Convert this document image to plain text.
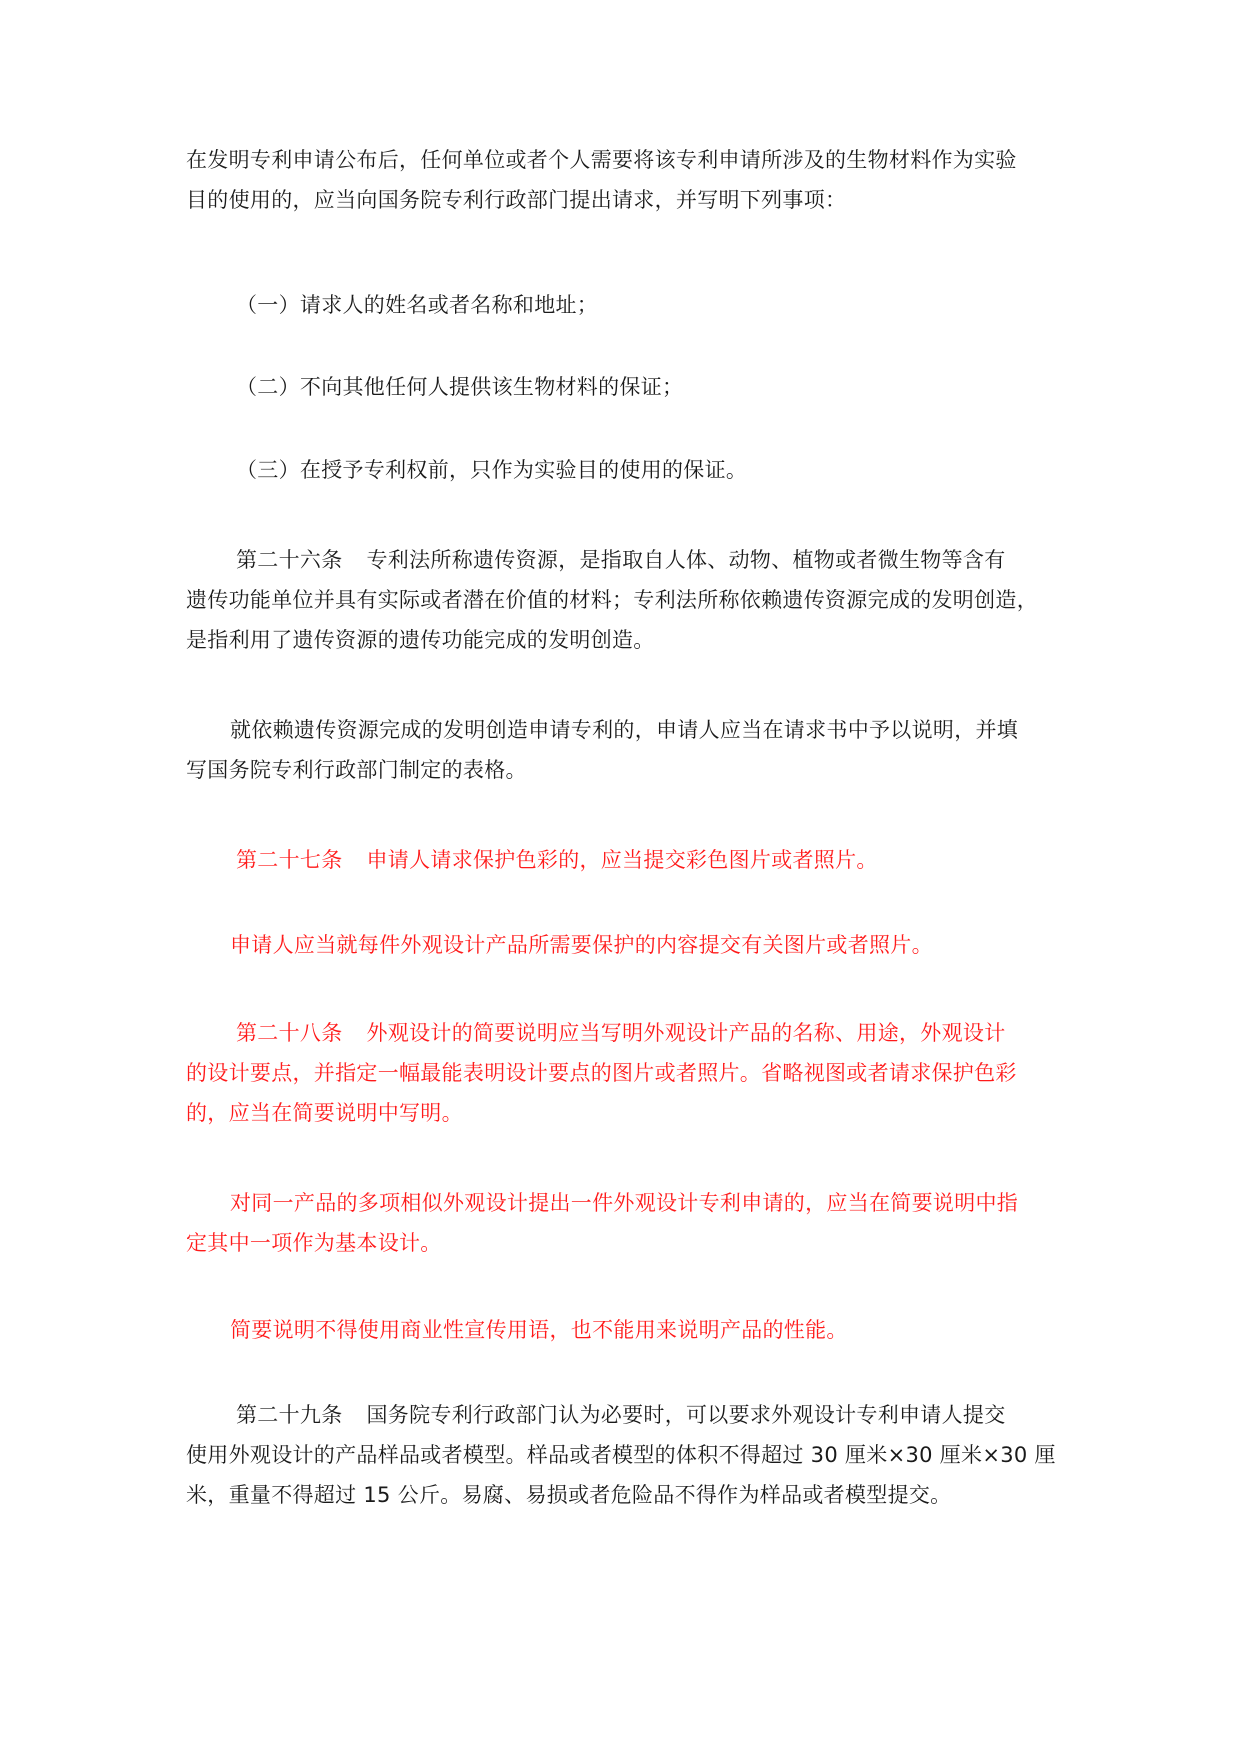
在发明专利申请公布后，任何单位或者个人需要将该专利申请所涉及的生物材料作为实验
目的使用的，应当向国务院专利行政部门提出请求，并写明下列事项：
（一）请求人的姓名或者名称和地址；
（二）不向其他任何人提供该生物材料的保证；
（三）在授予专利权前，只作为实验目的使用的保证。
第二十六条 专利法所称遗传资源，是指取自人体、动物、植物或者微生物等含有
遗传功能单位并具有实际或者潜在价值的材料；专利法所称依赖遗传资源完成的发明创造，
是指利用了遗传资源的遗传功能完成的发明创造。
就依赖遗传资源完成的发明创造申请专利的，申请人应当在请求书中予以说明，并填
写国务院专利行政部门制定的表格。
第二十七条 申请人请求保护色彩的，应当提交彩色图片或者照片。
申请人应当就每件外观设计产品所需要保护的内容提交有关图片或者照片。
第二十八条 外观设计的简要说明应当写明外观设计产品的名称、用途，外观设计
的设计要点，并指定一幅最能表明设计要点的图片或者照片。省略视图或者请求保护色彩
的，应当在简要说明中写明。
对同一产品的多项相似外观设计提出一件外观设计专利申请的，应当在简要说明中指
定其中一项作为基本设计。
简要说明不得使用商业性宣传用语，也不能用来说明产品的性能。
第二十九条 国务院专利行政部门认为必要时，可以要求外观设计专利申请人提交
使用外观设计的产品样品或者模型。样品或者模型的体积不得超过 30 厘米×30 厘米×30 厘
米，重量不得超过 15 公斤。易腐、易损或者危险品不得作为样品或者模型提交。
